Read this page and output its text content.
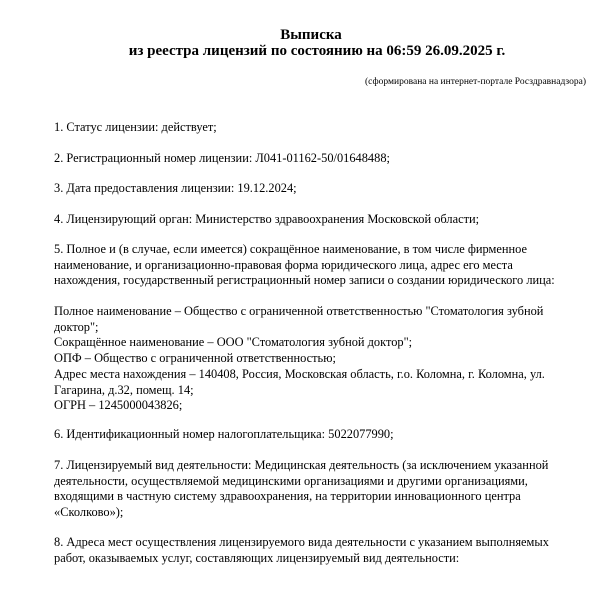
Выписка
из реестра лицензий по состоянию на 06:59 26.09.2025 г.
(сформирована на интернет-портале Росздравнадзора)

1. Статус лицензии: действует;

2. Регистрационный номер лицензии: Л041-01162-50/01648488;

3. Дата предоставления лицензии: 19.12.2024;

4. Лицензирующий орган: Министерство здравоохранения Московской области;

5. Полное и (в случае, если имеется) сокращённое наименование, в том числе фирменное наименование, и организационно-правовая форма юридического лица, адрес его места нахождения, государственный регистрационный номер записи о создании юридического лица:

Полное наименование – Общество с ограниченной ответственностью "Стоматология зубной доктор";

Сокращённое наименование – ООО "Стоматология зубной доктор";

ОПФ – Общество с ограниченной ответственностью;

Адрес места нахождения – 140408, Россия, Московская область, г.о. Коломна, г. Коломна, ул. Гагарина, д.32, помещ. 14;

ОГРН – 1245000043826;

6. Идентификационный номер налогоплательщика: 5022077990;

7. Лицензируемый вид деятельности: Медицинская деятельность (за исключением указанной деятельности, осуществляемой медицинскими организациями и другими организациями, входящими в частную систему здравоохранения, на территории инновационного центра «Сколково»);

8. Адреса мест осуществления лицензируемого вида деятельности с указанием выполняемых работ, оказываемых услуг, составляющих лицензируемый вид деятельности:
